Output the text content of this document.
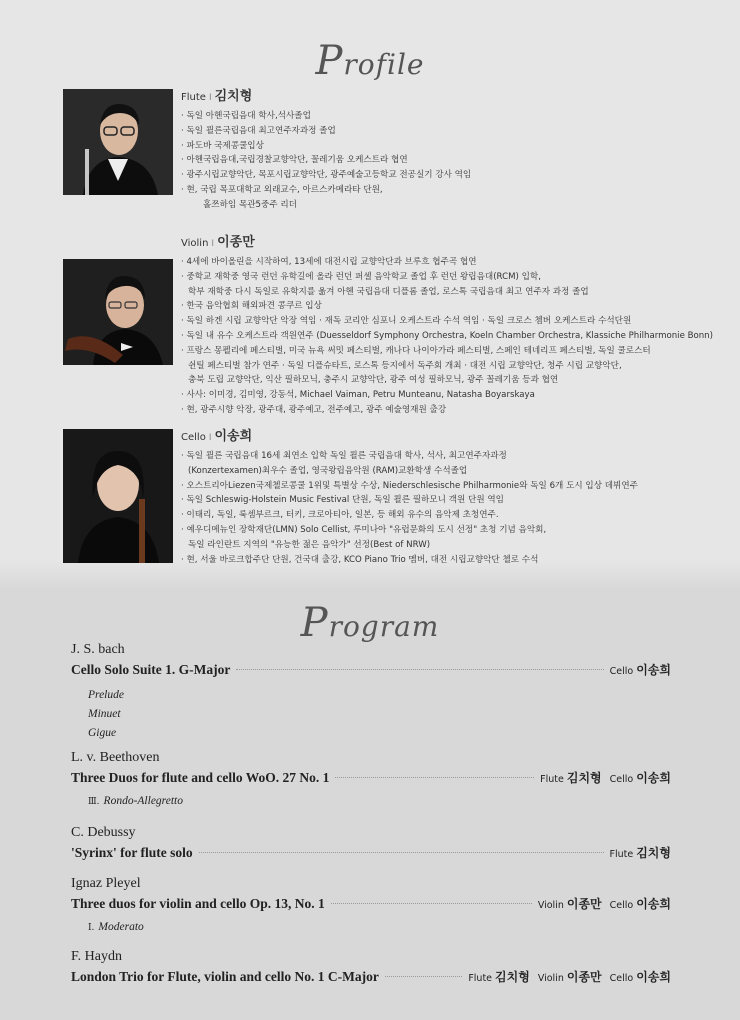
Profile
Flute I 김치형
· 독일 아헨국립음대 학사,석사졸업
· 독일 쾰른국립음대 최고연주자과정 졸업
· 파도바 국제콩쿨입상
· 아헨국립음대,국립경찰교향악단, 꼴레기움 오케스트라 협연
· 광주시립교향악단, 목포시립교향악단, 광주예술고등학교 전공실기 강사 역임
· 현, 국립 목포대학교 외래교수, 아르스카메라타 단원,
홀쯔하임 목관5중주 리더
Violin I 이종만
· 4세에 바이올린을 시작하여, 13세에 대전시립 교향악단과 브루흐 협주곡 협연
· 중학교 재학중 영국 런던 유학길에 올라 런던 퍼셀 음악학교 졸업 후 런던 왕립음대(RCM) 입학,
학부 재학중 다시 독일로 유학지를 옮겨 아헨 국립음대 디플롬 졸업, 로스톡 국립음대 최고 연주자 과정 졸업
· 한국 음악협회 해외파견 콩쿠르 입상
· 독일 하겐 시립 교향악단 악장 역임 · 재독 코리안 심포니 오케스트라 수석 역임 · 독일 크로스 쳄버 오케스트라 수석단원
· 독일 내 유수 오케스트라 객원연주 (Duesseldorf Symphony Orchestra, Koeln Chamber Orchestra, Klassiche Philharmonie Bonn)
· 프랑스 몽펠리에 페스티벌, 미국 뉴욕 써밋 페스티벌, 캐나다 나이아가라 페스티벌, 스페인 테네리프 페스티벌, 독일 쿨로스터
쉰틸 페스티벌 참가 연주 · 독일 디플슈타트, 로스톡 등지에서 독주회 개최 · 대전 시립 교향악단, 청주 시립 교향악단,
충북 도립 교향악단, 익산 필하모닉, 충주시 교향악단, 광주 여성 필하모닉, 광주 꼴레기움 등과 협연
· 사사: 이미경, 김미영, 강동석, Michael Vaiman, Petru Munteanu, Natasha Boyarskaya
· 현, 광주시향 악장, 광주대, 광주예고, 전주예고, 광주 예술영재원 출강
Cello I 이송희
· 독일 쾰른 국립음대 16세 최연소 입학 독일 쾰른 국립음대 학사, 석사, 최고연주자과정
(Konzertexamen)최우수 졸업, 영국왕립음악원 (RAM)교환학생 수석졸업
· 오스트리아Liezen국제첼로콩쿨 1위및 특별상 수상, Niederschlesische Philharmonie와 독일 6개 도시 입상 데뷔연주
· 독일 Schleswig-Holstein Music Festival 단원, 독일 쾰른 필하모니 객원 단원 역임
· 이태리, 독일, 룩셈부르크, 터키, 크로아티아, 일본, 등 해외 유수의 음악제 초청연주.
· 예우디메뉴인 장학재단(LMN) Solo Cellist, 루미나아 "유럽문화의 도시 선정" 초청 기념 음악회,
독일 라인란트 지역의 "유능한 젊은 음악가" 선정(Best of NRW)
· 현, 서울 바로크합주단 단원, 건국대 출강, KCO Piano Trio 멤버, 대전 시립교향악단 첼로 수석
Program
J. S. bach
Cello Solo Suite 1. G-Major	Cello 이송희
Prelude
Minuet
Gigue
L. v. Beethoven
Three Duos for flute and cello WoO. 27 No. 1	Flute 김치형 Cello 이송희
Ⅲ. Rondo-Allegretto
C. Debussy
'Syrinx' for flute solo	Flute 김치형
Ignaz Pleyel
Three duos for violin and cello Op. 13, No. 1	Violin 이종만 Cello 이송희
Ⅰ. Moderato
F. Haydn
London Trio for Flute, violin and cello No. 1 C-Major	Flute 김치형 Violin 이종만 Cello 이송희
